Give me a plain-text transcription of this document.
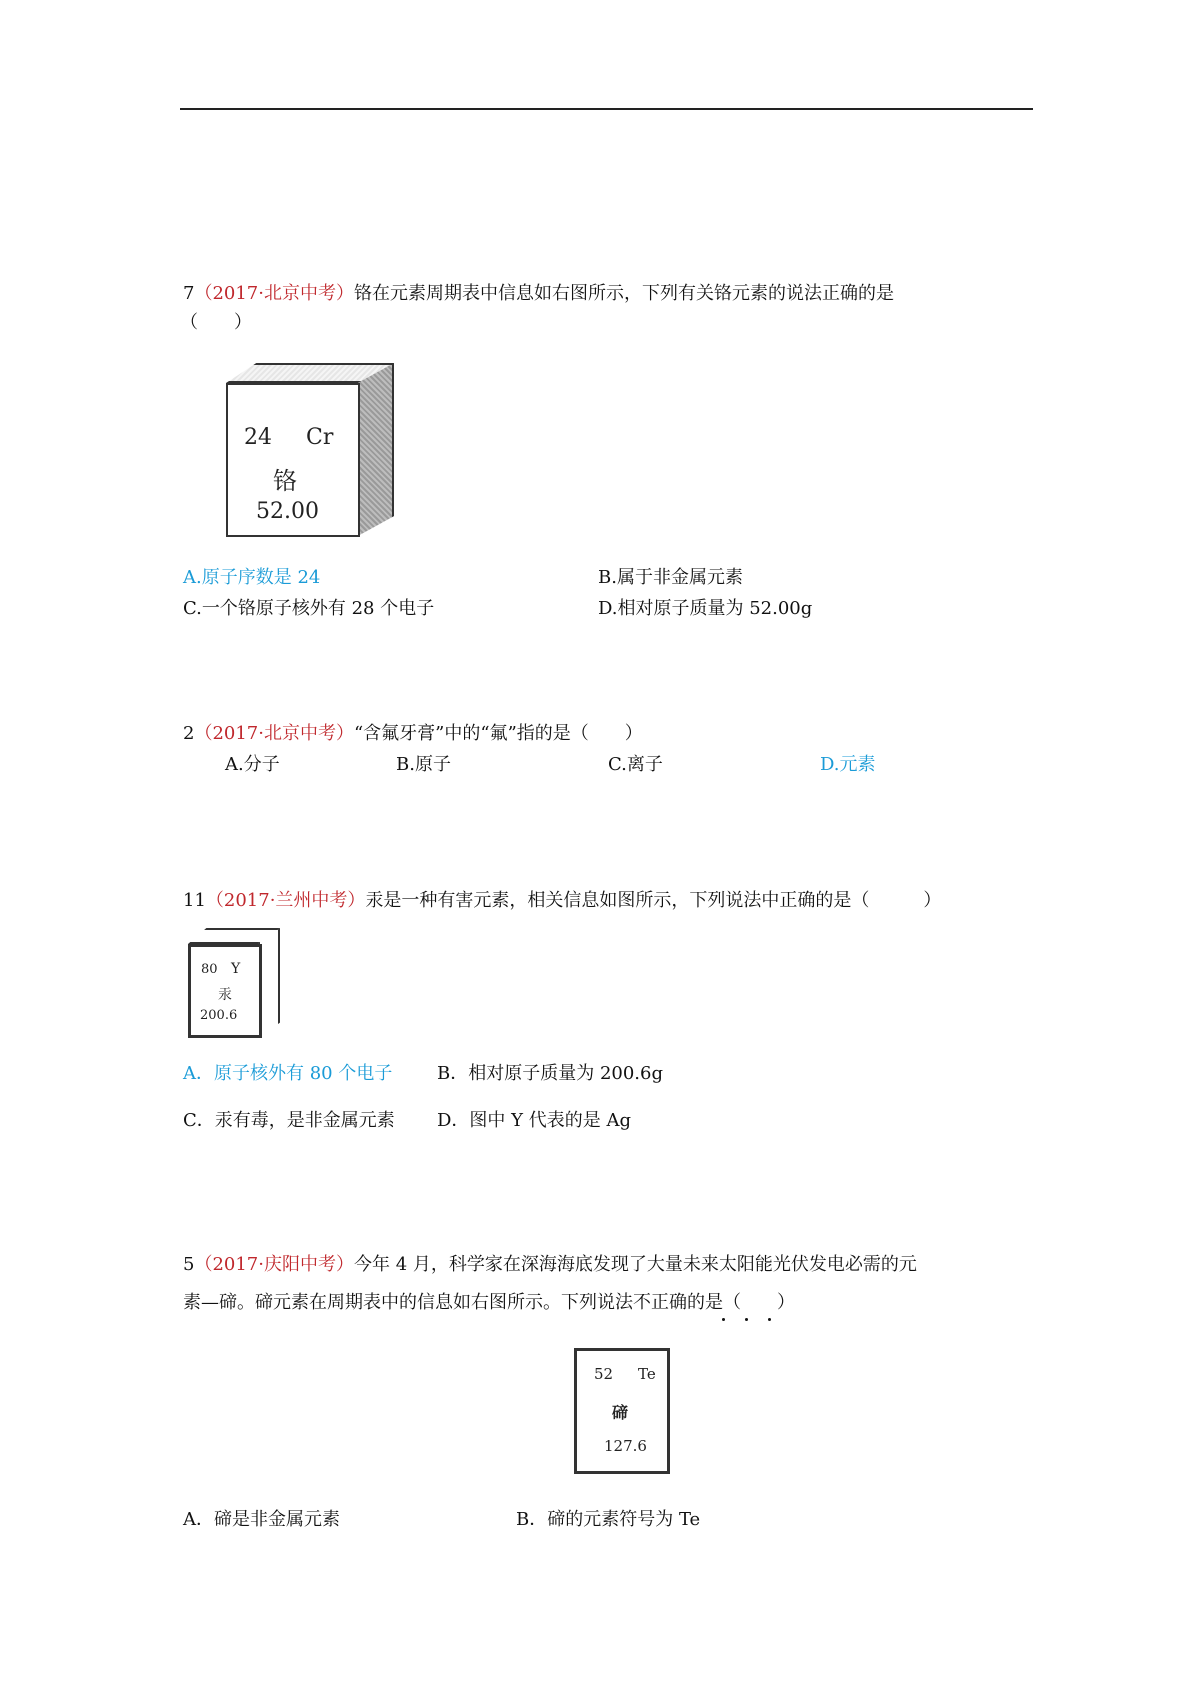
7（2017·北京中考）铬在元素周期表中信息如右图所示，下列有关铬元素的说法正确的是
（　　）
24 Cr
铬
52.00
A.原子序数是 24	B.属于非金属元素
C.一个铬原子核外有 28 个电子	D.相对原子质量为 52.00g
2（2017·北京中考）“含氟牙膏”中的“氟”指的是（　　）
A.分子	B.原子	C.离子	D.元素
11（2017·兰州中考）汞是一种有害元素，相关信息如图所示，下列说法中正确的是（　　　）
80 Y
汞
200.6
A．原子核外有 80 个电子 B．相对原子质量为 200.6g
C．汞有毒，是非金属元素 D．图中 Y 代表的是 Ag
5（2017·庆阳中考）今年 4 月，科学家在深海海底发现了大量未来太阳能光伏发电必需的元
素—碲。碲元素在周期表中的信息如右图所示。下列说法不正确的是（　　）
52 Te
碲
127.6
A．碲是非金属元素	B．碲的元素符号为 Te
